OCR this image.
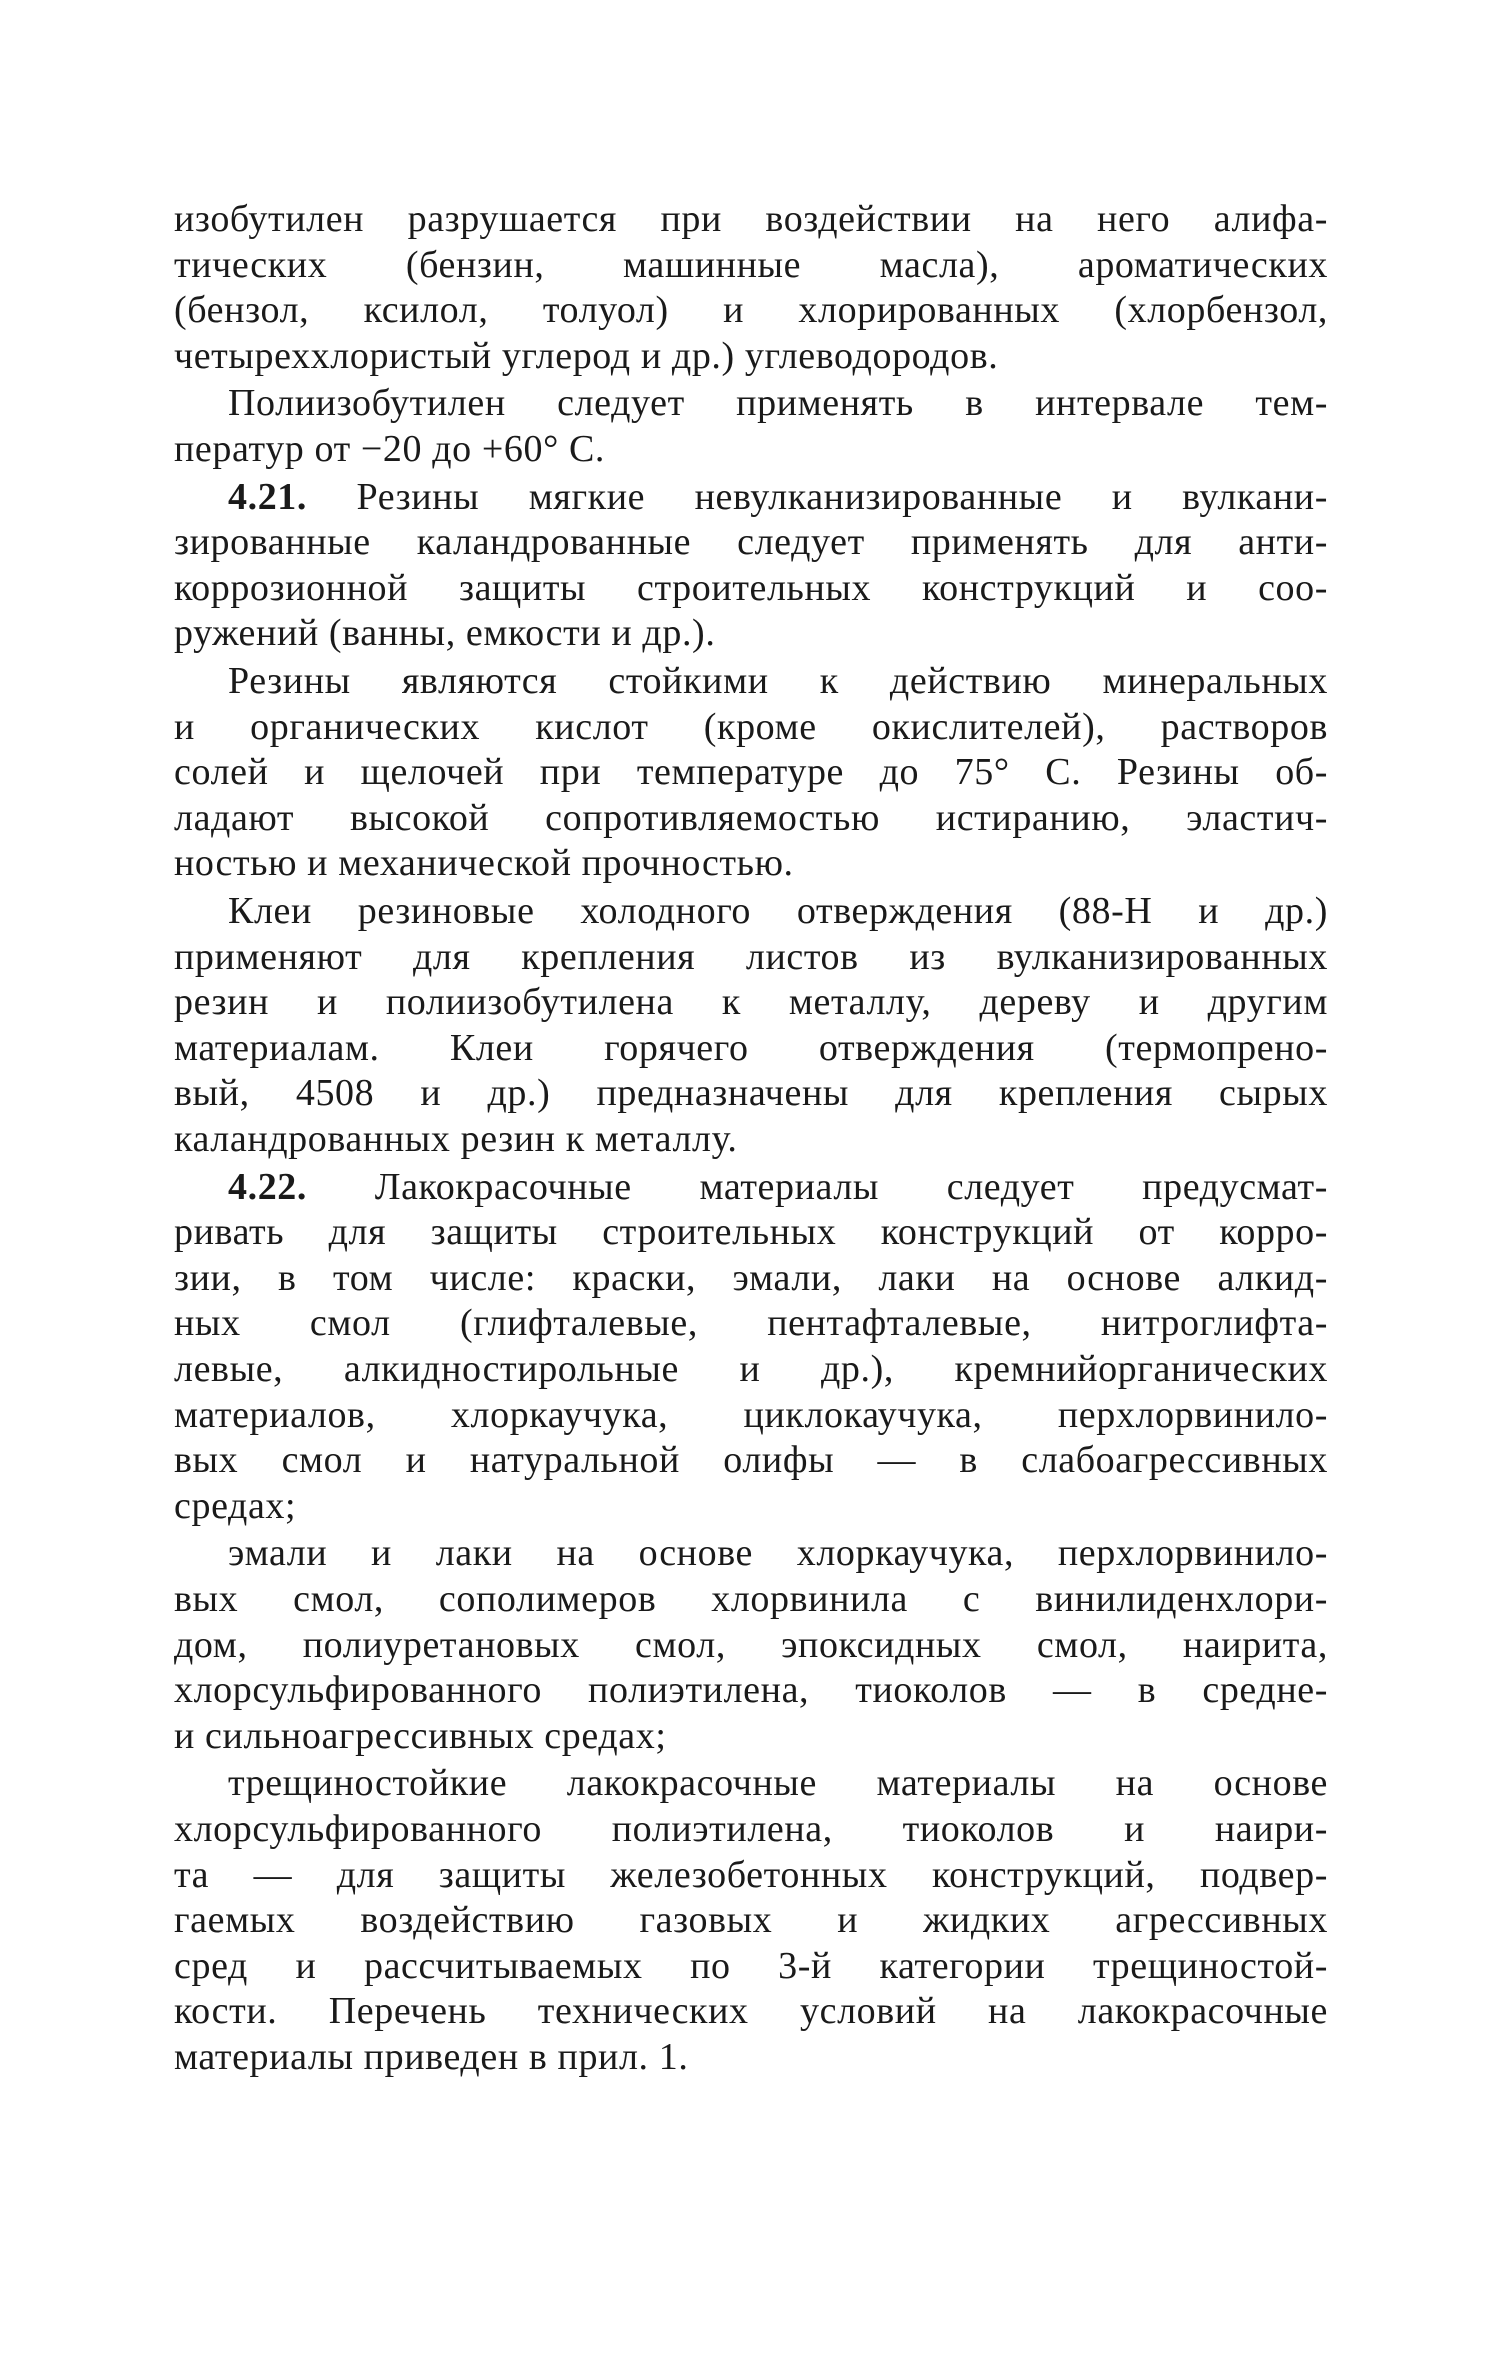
изобутилен разрушается при воздействии на него алифа-
тических (бензин, машинные масла), ароматических
(бензол, ксилол, толуол) и хлорированных (хлорбензол,
четыреххлористый углерод и др.) углеводородов.
Полиизобутилен следует применять в интервале тем-
ператур от −20 до +60° С.
4.21. Резины мягкие невулканизированные и вулкани-
зированные каландрованные следует применять для анти-
коррозионной защиты строительных конструкций и соо-
ружений (ванны, емкости и др.).
Резины являются стойкими к действию минеральных
и органических кислот (кроме окислителей), растворов
солей и щелочей при температуре до 75° С. Резины об-
ладают высокой сопротивляемостью истиранию, эластич-
ностью и механической прочностью.
Клеи резиновые холодного отверждения (88-Н и др.)
применяют для крепления листов из вулканизированных
резин и полиизобутилена к металлу, дереву и другим
материалам. Клеи горячего отверждения (термопрено-
вый, 4508 и др.) предназначены для крепления сырых
каландрованных резин к металлу.
4.22. Лакокрасочные материалы следует предусмат-
ривать для защиты строительных конструкций от корро-
зии, в том числе: краски, эмали, лаки на основе алкид-
ных смол (глифталевые, пентафталевые, нитроглифта-
левые, алкидностирольные и др.), кремнийорганических
материалов, хлоркаучука, циклокаучука, перхлорвинило-
вых смол и натуральной олифы — в слабоагрессивных
средах;
эмали и лаки на основе хлоркаучука, перхлорвинило-
вых смол, сополимеров хлорвинила с винилиденхлори-
дом, полиуретановых смол, эпоксидных смол, наирита,
хлорсульфированного полиэтилена, тиоколов — в средне-
и сильноагрессивных средах;
трещиностойкие лакокрасочные материалы на основе
хлорсульфированного полиэтилена, тиоколов и наири-
та — для защиты железобетонных конструкций, подвер-
гаемых воздействию газовых и жидких агрессивных
сред и рассчитываемых по 3-й категории трещиностой-
кости. Перечень технических условий на лакокрасочные
материалы приведен в прил. 1.
